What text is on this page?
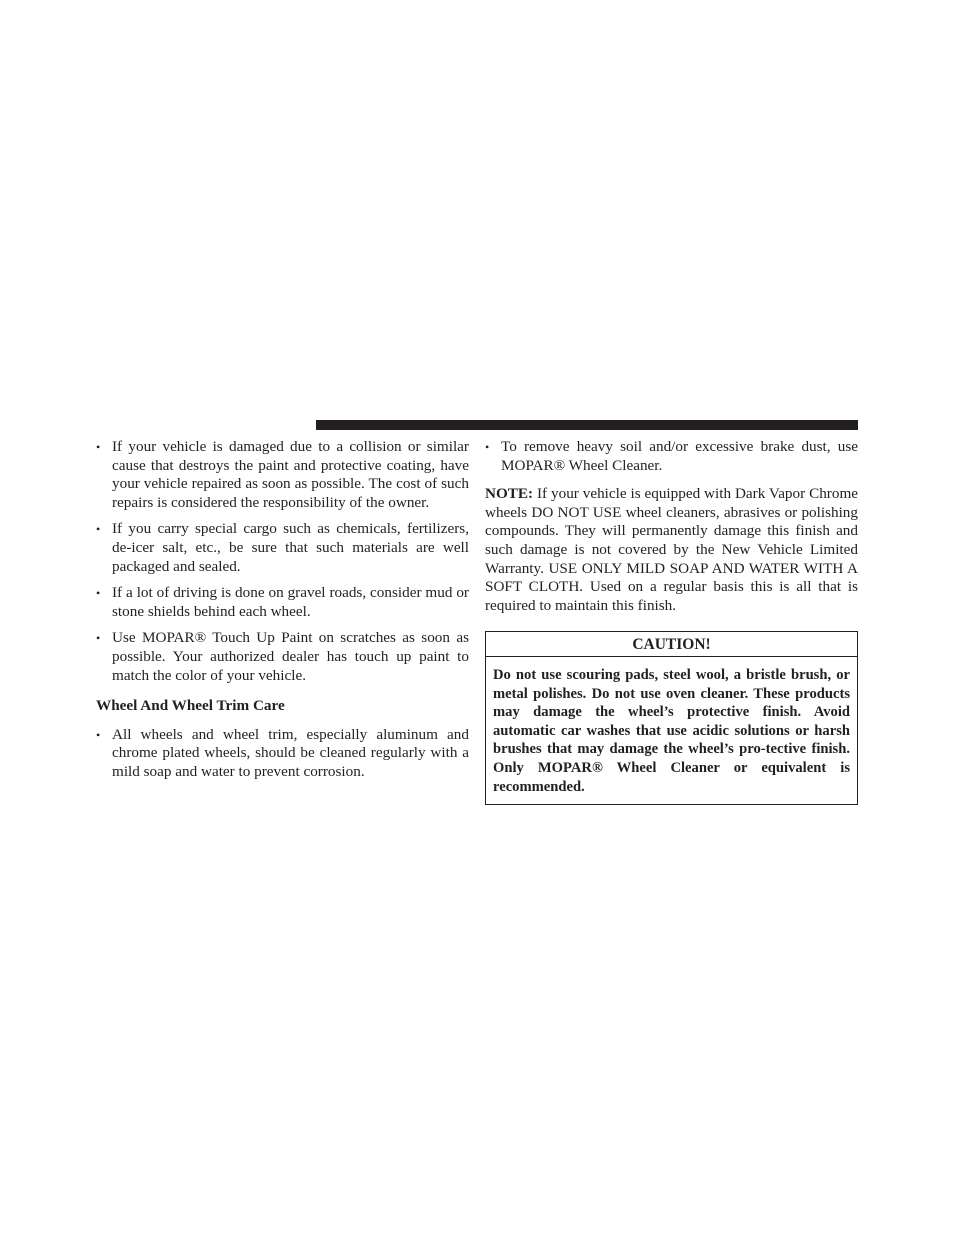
• If your vehicle is damaged due to a collision or similar cause that destroys the paint and protective coating, have your vehicle repaired as soon as possible. The cost of such repairs is considered the responsibility of the owner.
• If you carry special cargo such as chemicals, fertilizers, de-icer salt, etc., be sure that such materials are well packaged and sealed.
• If a lot of driving is done on gravel roads, consider mud or stone shields behind each wheel.
• Use MOPAR® Touch Up Paint on scratches as soon as possible. Your authorized dealer has touch up paint to match the color of your vehicle.
Wheel And Wheel Trim Care
• All wheels and wheel trim, especially aluminum and chrome plated wheels, should be cleaned regularly with a mild soap and water to prevent corrosion.
• To remove heavy soil and/or excessive brake dust, use MOPAR® Wheel Cleaner.

NOTE: If your vehicle is equipped with Dark Vapor Chrome wheels DO NOT USE wheel cleaners, abrasives or polishing compounds. They will permanently damage this finish and such damage is not covered by the New Vehicle Limited Warranty. USE ONLY MILD SOAP AND WATER WITH A SOFT CLOTH. Used on a regular basis this is all that is required to maintain this finish.

CAUTION!
Do not use scouring pads, steel wool, a bristle brush, or metal polishes. Do not use oven cleaner. These products may damage the wheel’s protective finish. Avoid automatic car washes that use acidic solutions or harsh brushes that may damage the wheel’s pro-tective finish. Only MOPAR® Wheel Cleaner or equivalent is recommended.
